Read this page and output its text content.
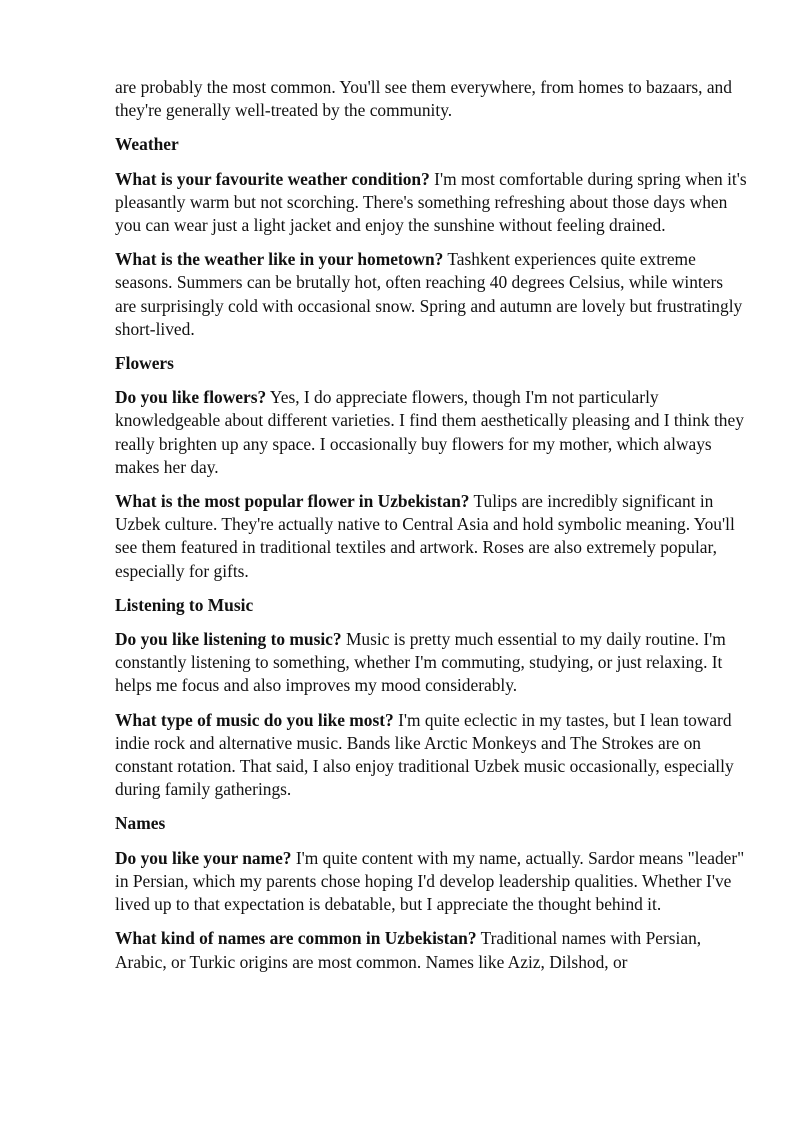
are probably the most common. You'll see them everywhere, from homes to bazaars, and they're generally well-treated by the community.

Weather

What is your favourite weather condition? I'm most comfortable during spring when it's pleasantly warm but not scorching. There's something refreshing about those days when you can wear just a light jacket and enjoy the sunshine without feeling drained.

What is the weather like in your hometown? Tashkent experiences quite extreme seasons. Summers can be brutally hot, often reaching 40 degrees Celsius, while winters are surprisingly cold with occasional snow. Spring and autumn are lovely but frustratingly short-lived.

Flowers

Do you like flowers? Yes, I do appreciate flowers, though I'm not particularly knowledgeable about different varieties. I find them aesthetically pleasing and I think they really brighten up any space. I occasionally buy flowers for my mother, which always makes her day.

What is the most popular flower in Uzbekistan? Tulips are incredibly significant in Uzbek culture. They're actually native to Central Asia and hold symbolic meaning. You'll see them featured in traditional textiles and artwork. Roses are also extremely popular, especially for gifts.

Listening to Music

Do you like listening to music? Music is pretty much essential to my daily routine. I'm constantly listening to something, whether I'm commuting, studying, or just relaxing. It helps me focus and also improves my mood considerably.

What type of music do you like most? I'm quite eclectic in my tastes, but I lean toward indie rock and alternative music. Bands like Arctic Monkeys and The Strokes are on constant rotation. That said, I also enjoy traditional Uzbek music occasionally, especially during family gatherings.

Names

Do you like your name? I'm quite content with my name, actually. Sardor means "leader" in Persian, which my parents chose hoping I'd develop leadership qualities. Whether I've lived up to that expectation is debatable, but I appreciate the thought behind it.

What kind of names are common in Uzbekistan? Traditional names with Persian, Arabic, or Turkic origins are most common. Names like Aziz, Dilshod, or
